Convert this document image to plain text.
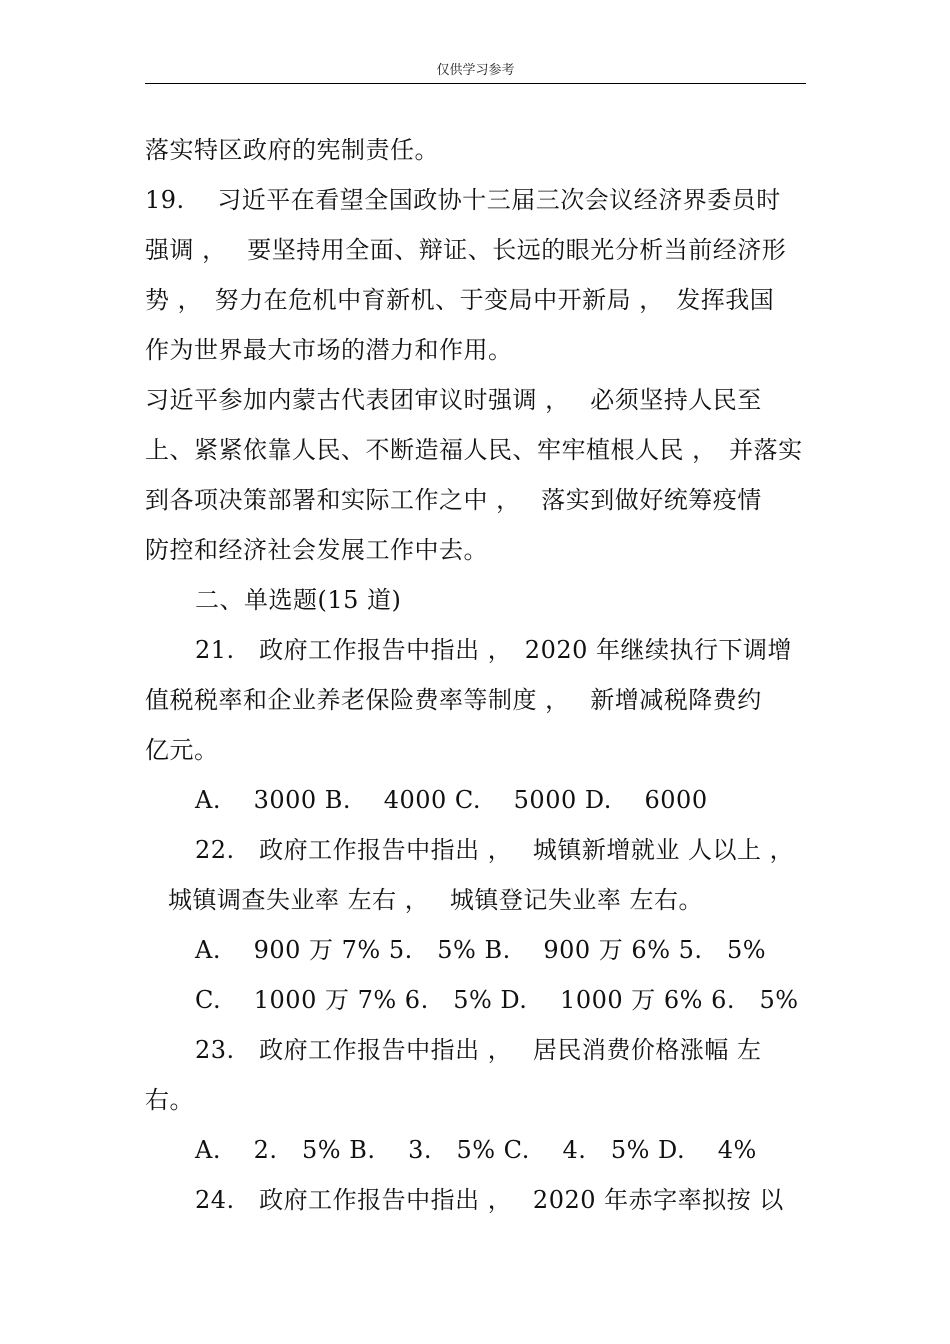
仅供学习参考
落实特区政府的宪制责任。
19.　 习近平在看望全国政协十三届三次会议经济界委员时
强调 ，　 要坚持用全面、辩证、长远的眼光分析当前经济形
势 ，　努力在危机中育新机、于变局中开新局 ，　发挥我国
作为世界最大市场的潜力和作用。
习近平参加内蒙古代表团审议时强调 ，　 必须坚持人民至
上、紧紧依靠人民、不断造福人民、牢牢植根人民 ，　并落实
到各项决策部署和实际工作之中 ，　 落实到做好统筹疫情
防控和经济社会发展工作中去。
二、单选题(15 道)
21.　政府工作报告中指出 ，　2020 年继续执行下调增
值税税率和企业养老保险费率等制度 ，　 新增减税降费约
亿元。
A.　 3000 B.　 4000 C.　 5000 D.　 6000
22.　政府工作报告中指出 ，　 城镇新增就业 人以上 ，
城镇调查失业率 左右 ，　 城镇登记失业率 左右。
A.　 900 万 7% 5.　5% B.　 900 万 6% 5.　5%
C.　 1000 万 7% 6.　5% D.　 1000 万 6% 6.　5%
23.　政府工作报告中指出 ，　 居民消费价格涨幅 左
右。
A.　 2.　5% B.　 3.　5% C.　 4.　5% D.　 4%
24.　政府工作报告中指出 ，　 2020 年赤字率拟按 以
